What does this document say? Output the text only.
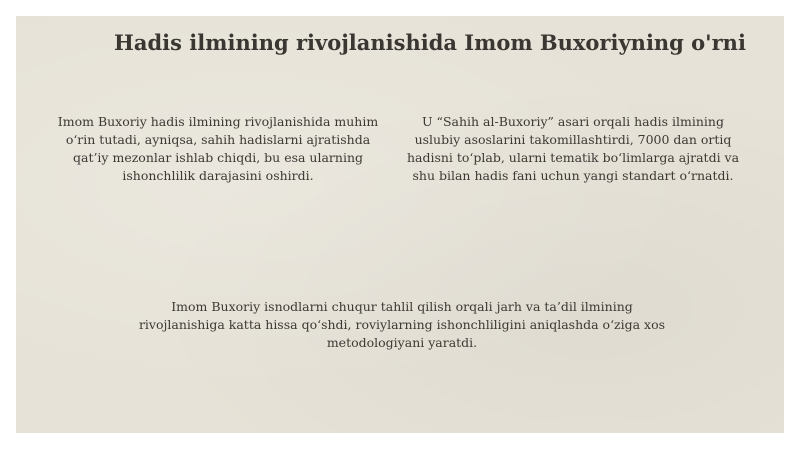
Hadis ilmining rivojlanishida Imom Buxoriyning o'rni
Imom Buxoriy hadis ilmining rivojlanishida muhim o‘rin tutadi, ayniqsa, sahih hadislarni ajratishda qat’iy mezonlar ishlab chiqdi, bu esa ularning ishonchlilik darajasini oshirdi.
U “Sahih al-Buxoriy” asari orqali hadis ilmining uslubiy asoslarini takomillashtirdi, 7000 dan ortiq hadisni to‘plab, ularni tematik bo‘limlarga ajratdi va shu bilan hadis fani uchun yangi standart o‘rnatdi.
Imom Buxoriy isnodlarni chuqur tahlil qilish orqali jarh va ta’dil ilmining rivojlanishiga katta hissa qo‘shdi, roviylarning ishonchliligini aniqlashda o‘ziga xos metodologiyani yaratdi.
